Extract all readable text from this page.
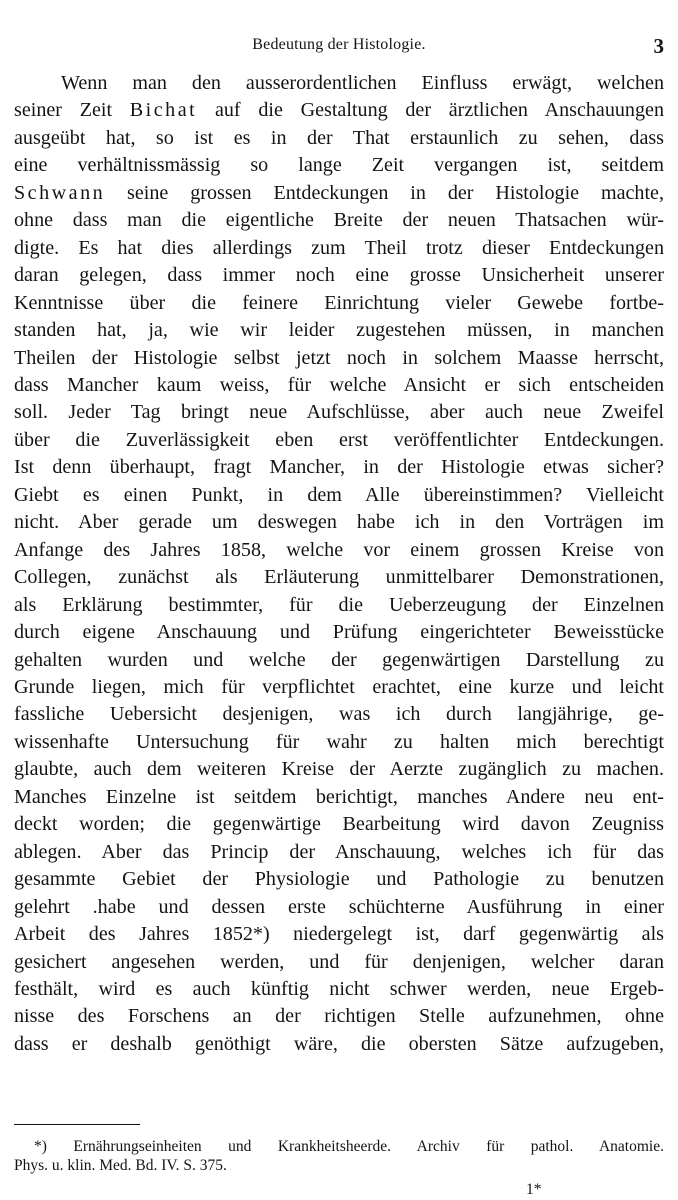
Bedeutung der Histologie.	3
Wenn man den ausserordentlichen Einfluss erwägt, welchen
seiner Zeit Bichat auf die Gestaltung der ärztlichen Anschauungen
ausgeübt hat, so ist es in der That erstaunlich zu sehen, dass
eine verhältnissmässig so lange Zeit vergangen ist, seitdem
Schwann seine grossen Entdeckungen in der Histologie machte,
ohne dass man die eigentliche Breite der neuen Thatsachen wür-
digte. Es hat dies allerdings zum Theil trotz dieser Entdeckungen
daran gelegen, dass immer noch eine grosse Unsicherheit unserer
Kenntnisse über die feinere Einrichtung vieler Gewebe fortbe-
standen hat, ja, wie wir leider zugestehen müssen, in manchen
Theilen der Histologie selbst jetzt noch in solchem Maasse herrscht,
dass Mancher kaum weiss, für welche Ansicht er sich entscheiden
soll. Jeder Tag bringt neue Aufschlüsse, aber auch neue Zweifel
über die Zuverlässigkeit eben erst veröffentlichter Entdeckungen.
Ist denn überhaupt, fragt Mancher, in der Histologie etwas sicher?
Giebt es einen Punkt, in dem Alle übereinstimmen? Vielleicht
nicht. Aber gerade um deswegen habe ich in den Vorträgen im
Anfange des Jahres 1858, welche vor einem grossen Kreise von
Collegen, zunächst als Erläuterung unmittelbarer Demonstrationen,
als Erklärung bestimmter, für die Ueberzeugung der Einzelnen
durch eigene Anschauung und Prüfung eingerichteter Beweisstücke
gehalten wurden und welche der gegenwärtigen Darstellung zu
Grunde liegen, mich für verpflichtet erachtet, eine kurze und leicht
fassliche Uebersicht desjenigen, was ich durch langjährige, ge-
wissenhafte Untersuchung für wahr zu halten mich berechtigt
glaubte, auch dem weiteren Kreise der Aerzte zugänglich zu machen.
Manches Einzelne ist seitdem berichtigt, manches Andere neu ent-
deckt worden; die gegenwärtige Bearbeitung wird davon Zeugniss
ablegen. Aber das Princip der Anschauung, welches ich für das
gesammte Gebiet der Physiologie und Pathologie zu benutzen
gelehrt .habe und dessen erste schüchterne Ausführung in einer
Arbeit des Jahres 1852*) niedergelegt ist, darf gegenwärtig als
gesichert angesehen werden, und für denjenigen, welcher daran
festhält, wird es auch künftig nicht schwer werden, neue Ergeb-
nisse des Forschens an der richtigen Stelle aufzunehmen, ohne
dass er deshalb genöthigt wäre, die obersten Sätze aufzugeben,
*) Ernährungseinheiten und Krankheitsheerde. Archiv für pathol. Anatomie.
Phys. u. klin. Med. Bd. IV. S. 375.
1*
